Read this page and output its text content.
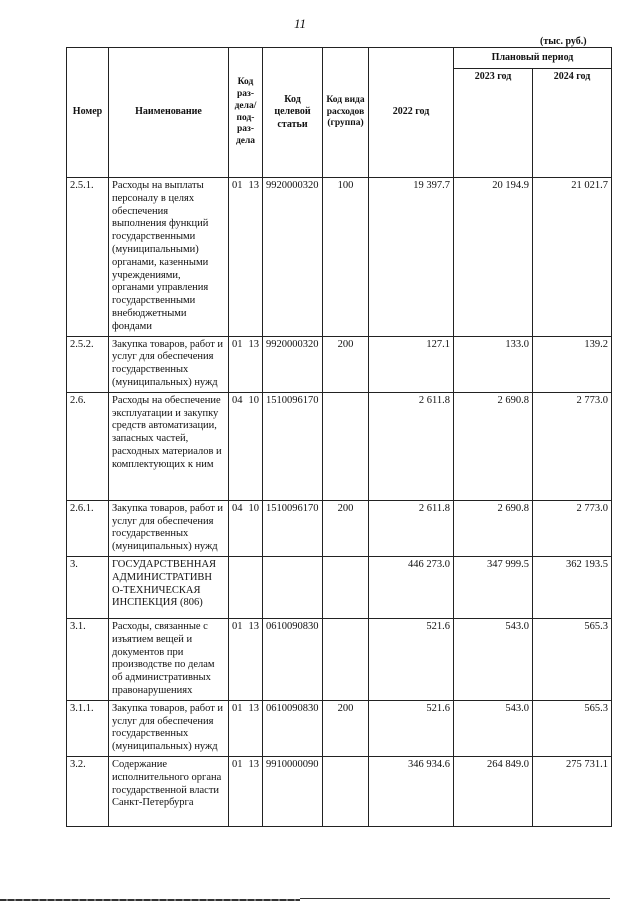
11
(тыс. руб.)
Номер	Наименование	Код раз-дела/ под-раз-дела	Код целевой статьи	Код вида расходов (группа)	2022 год	Плановый период	
						2023 год	2024 год
2.5.1.	Расходы на выплаты персоналу в целях обеспечения выполнения функций государственными (муниципальными) органами, казенными учреждениями, органами управления государственными внебюджетными фондами	01 13	9920000320	100	19 397.7	20 194.9	21 021.7
2.5.2.	Закупка товаров, работ и услуг для обеспечения государственных (муниципальных) нужд	01 13	9920000320	200	127.1	133.0	139.2
2.6.	Расходы на обеспечение эксплуатации и закупку средств автоматизации, запасных частей, расходных материалов и комплектующих к ним	04 10	1510096170		2 611.8	2 690.8	2 773.0
2.6.1.	Закупка товаров, работ и услуг для обеспечения государственных (муниципальных) нужд	04 10	1510096170	200	2 611.8	2 690.8	2 773.0
3.	ГОСУДАРСТВЕННАЯ АДМИНИСТРАТИВН О-ТЕХНИЧЕСКАЯ ИНСПЕКЦИЯ (806)				446 273.0	347 999.5	362 193.5
3.1.	Расходы, связанные с изъятием вещей и документов при производстве по делам об административных правонарушениях	01 13	0610090830		521.6	543.0	565.3
3.1.1.	Закупка товаров, работ и услуг для обеспечения государственных (муниципальных) нужд	01 13	0610090830	200	521.6	543.0	565.3
3.2.	Содержание исполнительного органа государственной власти Санкт-Петербурга	01 13	9910000090		346 934.6	264 849.0	275 731.1
